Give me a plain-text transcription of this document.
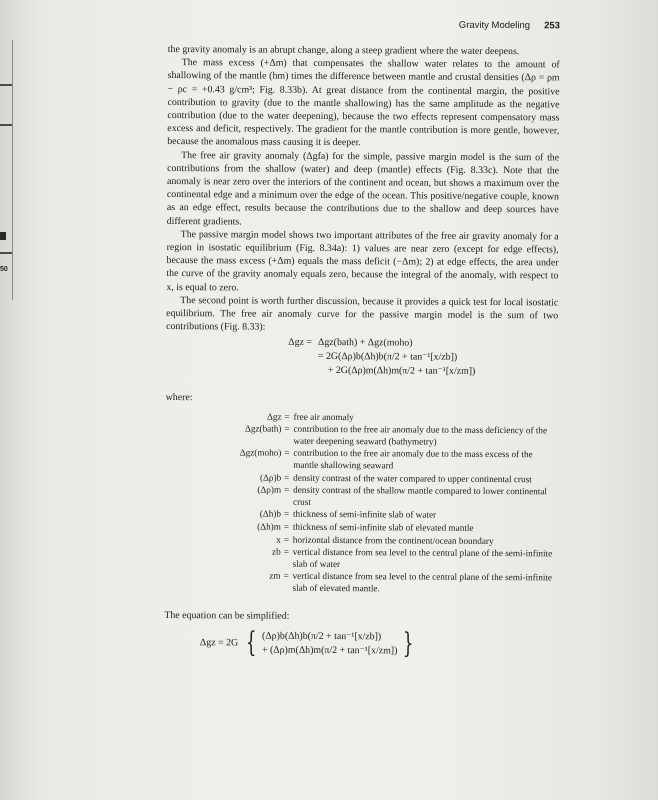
50
Gravity Modeling 253

the gravity anomaly is an abrupt change, along a steep gradient where the water deepens.

The mass excess (+Δm) that compensates the shallow water relates to the amount of shallowing of the mantle (hm) times the difference between mantle and crustal densities (Δρ = ρm − ρc = +0.43 g/cm³; Fig. 8.33b). At great distance from the continental margin, the positive contribution to gravity (due to the mantle shallowing) has the same amplitude as the negative contribution (due to the water deepening), because the two effects represent compensatory mass excess and deficit, respectively. The gradient for the mantle contribution is more gentle, however, because the anomalous mass causing it is deeper.

The free air gravity anomaly (Δgfa) for the simple, passive margin model is the sum of the contributions from the shallow (water) and deep (mantle) effects (Fig. 8.33c). Note that the anomaly is near zero over the interiors of the continent and ocean, but shows a maximum over the continental edge and a minimum over the edge of the ocean. This positive/negative couple, known as an edge effect, results because the contributions due to the shallow and deep sources have different gradients.

The passive margin model shows two important attributes of the free air gravity anomaly for a region in isostatic equilibrium (Fig. 8.34a): 1) values are near zero (except for edge effects), because the mass excess (+Δm) equals the mass deficit (−Δm); 2) at edge effects, the area under the curve of the gravity anomaly equals zero, because the integral of the anomaly, with respect to x, is equal to zero.

The second point is worth further discussion, because it provides a quick test for local isostatic equilibrium. The free air anomaly curve for the passive margin model is the sum of two contributions (Fig. 8.33):

Δgz = Δgz(bath) + Δgz(moho)
= 2G(Δρ)b(Δh)b(π/2 + tan⁻¹[x/zb])
+ 2G(Δρ)m(Δh)m(π/2 + tan⁻¹[x/zm])
where:
Δgz = free air anomaly
Δgz(bath) = contribution to the free air anomaly due to the mass deficiency of the water deepening seaward (bathymetry)
Δgz(moho) = contribution to the free air anomaly due to the mass excess of the mantle shallowing seaward
(Δρ)b = density contrast of the water compared to upper continental crust
(Δρ)m = density contrast of the shallow mantle compared to lower continental crust
(Δh)b = thickness of semi-infinite slab of water
(Δh)m = thickness of semi-infinite slab of elevated mantle
x = horizontal distance from the continent/ocean boundary
zb = vertical distance from sea level to the central plane of the semi-infinite slab of water
zm = vertical distance from sea level to the central plane of the semi-infinite slab of elevated mantle.
The equation can be simplified:
Δgz = 2G { (Δρ)b(Δh)b(π/2 + tan⁻¹[x/zb])
+ (Δρ)m(Δh)m(π/2 + tan⁻¹[x/zm]) }
